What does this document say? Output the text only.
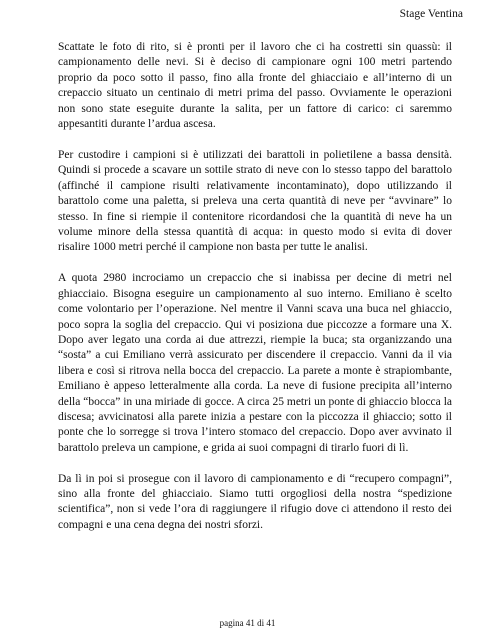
Stage Ventina

Scattate le foto di rito, si è pronti per il lavoro che ci ha costretti sin quassù: il campionamento delle nevi. Si è deciso di campionare ogni 100 metri partendo proprio da poco sotto il passo, fino alla fronte del ghiacciaio e all’interno di un crepaccio situato un centinaio di metri prima del passo. Ovviamente le operazioni non sono state eseguite durante la salita, per un fattore di carico: ci saremmo appesantiti durante l’ardua ascesa.

Per custodire i campioni si è utilizzati dei barattoli in polietilene a bassa densità. Quindi si procede a scavare un sottile strato di neve con lo stesso tappo del barattolo (affinché il campione risulti relativamente incontaminato), dopo utilizzando il barattolo come una paletta, si preleva una certa quantità di neve per “avvinare” lo stesso. In fine si riempie il contenitore ricordandosi che la quantità di neve ha un volume minore della stessa quantità di acqua: in questo modo si evita di dover risalire 1000 metri perché il campione non basta per tutte le analisi.

A quota 2980 incrociamo un crepaccio che si inabissa per decine di metri nel ghiacciaio. Bisogna eseguire un campionamento al suo interno. Emiliano è scelto come volontario per l’operazione. Nel mentre il Vanni scava una buca nel ghiaccio, poco sopra la soglia del crepaccio. Qui vi posiziona due piccozze a formare una X. Dopo aver legato una corda ai due attrezzi, riempie la buca; sta organizzando una “sosta” a cui Emiliano verrà assicurato per discendere il crepaccio. Vanni da il via libera e così si ritrova nella bocca del crepaccio. La parete a monte è strapiombante, Emiliano è appeso letteralmente alla corda. La neve di fusione precipita all’interno della “bocca” in una miriade di gocce. A circa 25 metri un ponte di ghiaccio blocca la discesa; avvicinatosi alla parete inizia a pestare con la piccozza il ghiaccio; sotto il ponte che lo sorregge si trova l’intero stomaco del crepaccio. Dopo aver avvinato il barattolo preleva un campione, e grida ai suoi compagni di tirarlo fuori di lì.

Da lì in poi si prosegue con il lavoro di campionamento e di “recupero compagni”, sino alla fronte del ghiacciaio. Siamo tutti orgogliosi della nostra “spedizione scientifica”, non si vede l’ora di raggiungere il rifugio dove ci attendono il resto dei compagni e una cena degna dei nostri sforzi.

pagina 41 di 41
